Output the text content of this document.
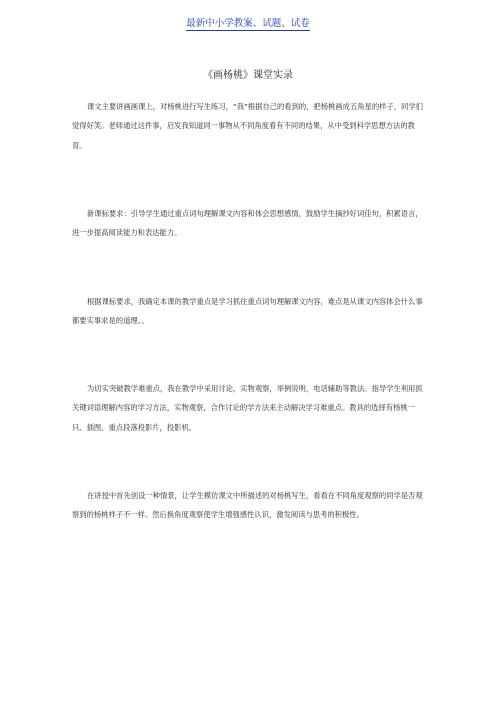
最新中小学教案、试题、试卷
《画杨桃》课堂实录

课文主要讲画画课上，对杨桃进行写生练习，“我”根据自己的看到的，把杨桃画成五角星的样子，同学们觉得好笑。老师通过这件事，启发我知道同一事物从不同角度看有不同的结果，从中受到科学思想方法的教育。

新课标要求：引导学生通过重点词句理解课文内容和体会思想感情，鼓励学生摘抄好词佳句，积累语言，进一步提高阅读能力和表达能力。

根据课标要求，我确定本课的教学重点是学习抓住重点词句理解课文内容，难点是从课文内容体会什么事都要实事求是的道理。。

为切实突破教学难重点，我在教学中采用讨论，实物观察，举例说明，电话辅助等教法。指导学生利用抓关键词语理解内容的学习方法，实物观察，合作讨论的学方法来主动解决学习难重点。教具的选择有杨桃一只、插图、重点段落投影片，投影机。

在讲授中首先创设一种情景，让学生模仿课文中所描述的对杨桃写生，看看在不同角度观察的同学是否观察到的杨桃样子不一样。然后换角度观察使学生增强感性认识，激发阅读与思考的积极性。
